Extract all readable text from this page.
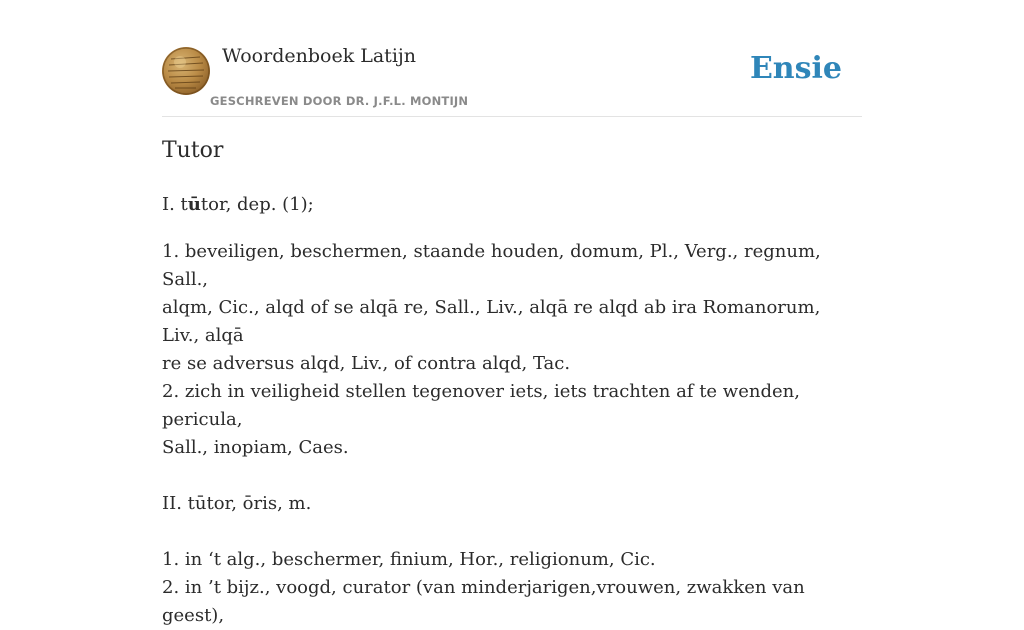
Woordenboek Latijn
GESCHREVEN DOOR DR. J.F.L. MONTIJN
Ensie
Tutor

I. tūtor, dep. (1);

1. beveiligen, beschermen, staande houden, domum, Pl., Verg., regnum, Sall.,

alqm, Cic., alqd of se alqā re, Sall., Liv., alqā re alqd ab ira Romanorum, Liv., alqā

re se adversus alqd, Liv., of contra alqd, Tac.

2. zich in veiligheid stellen tegenover iets, iets trachten af te wenden, pericula,

Sall., inopiam, Caes.

II. tūtor, ōris, m.

1. in ‘t alg., beschermer, finium, Hor., religionum, Cic.

2. in ’t bijz., voogd, curator (van minderjarigen,vrouwen, zwakken van geest),
